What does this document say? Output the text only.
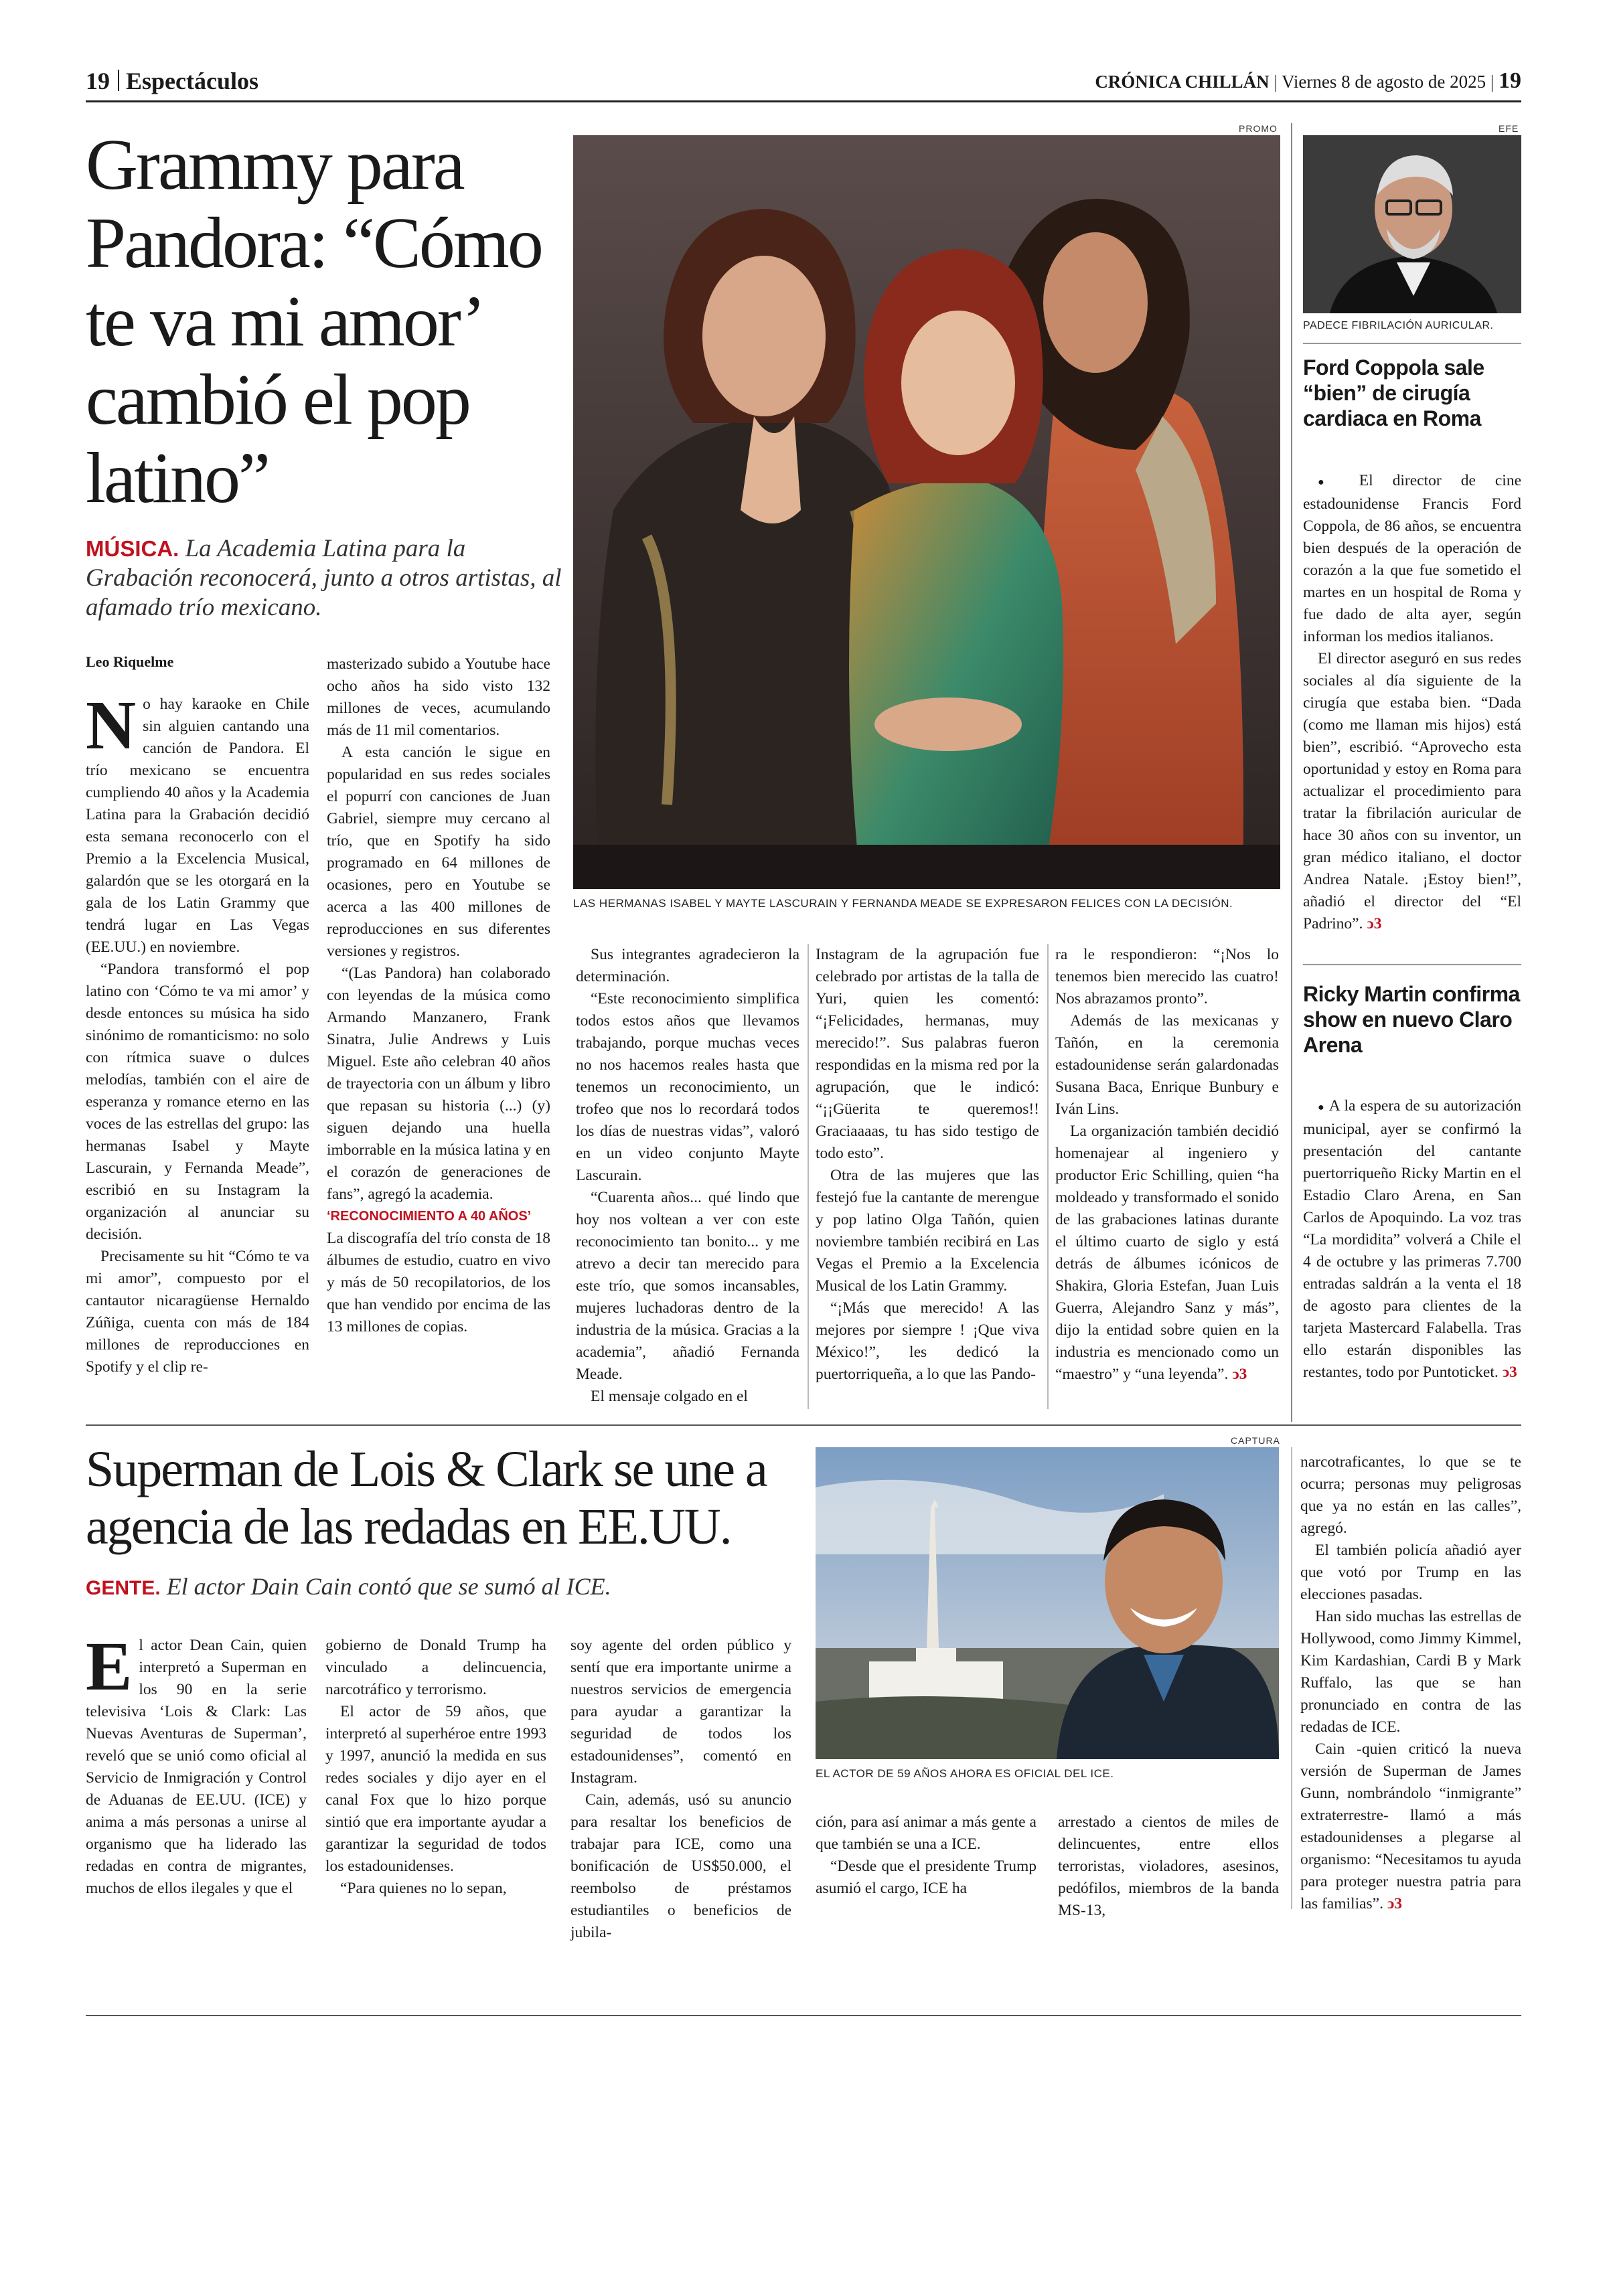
19 Espectáculos	CRÓNICA CHILLÁN | Viernes 8 de agosto de 2025 | 19
Grammy para Pandora: “Cómo te va mi amor’ cambió el pop latino”
MÚSICA. La Academia Latina para la Grabación reconocerá, junto a otros artistas, al afamado trío mexicano.
Leo Riquelme
PROMO
LAS HERMANAS ISABEL Y MAYTE LASCURAIN Y FERNANDA MEADE SE EXPRESARON FELICES CON LA DECISIÓN.

No hay karaoke en Chile sin alguien cantando una canción de Pandora. El trío mexicano se encuentra cumpliendo 40 años y la Academia Latina para la Grabación decidió esta semana reconocerlo con el Premio a la Excelencia Musical, galardón que se les otorgará en la gala de los Latin Grammy que tendrá lugar en Las Vegas (EE.UU.) en noviembre.

“Pandora transformó el pop latino con ‘Cómo te va mi amor’ y desde entonces su música ha sido sinónimo de romanticismo: no solo con rítmica suave o dulces melodías, también con el aire de esperanza y romance eterno en las voces de las estrellas del grupo: las hermanas Isabel y Mayte Lascurain, y Fernanda Meade”, escribió en su Instagram la organización al anunciar su decisión.

Precisamente su hit “Cómo te va mi amor”, compuesto por el cantautor nicaragüense Hernaldo Zúñiga, cuenta con más de 184 millones de reproducciones en Spotify y el clip re-

masterizado subido a Youtube hace ocho años ha sido visto 132 millones de veces, acumulando más de 11 mil comentarios.

A esta canción le sigue en popularidad en sus redes sociales el popurrí con canciones de Juan Gabriel, siempre muy cercano al trío, que en Spotify ha sido programado en 64 millones de ocasiones, pero en Youtube se acerca a las 400 millones de reproducciones en sus diferentes versiones y registros.

“(Las Pandora) han colaborado con leyendas de la música como Armando Manzanero, Frank Sinatra, Julie Andrews y Luis Miguel. Este año celebran 40 años de trayectoria con un álbum y libro que repasan su historia (...) (y) siguen dejando una huella imborrable en la música latina y en el corazón de generaciones de fans”, agregó la academia.

‘RECONOCIMIENTO A 40 AÑOS’

La discografía del trío consta de 18 álbumes de estudio, cuatro en vivo y más de 50 recopilatorios, de los que han vendido por encima de las 13 millones de copias.

Sus integrantes agradecieron la determinación.

“Este reconocimiento simplifica todos estos años que llevamos trabajando, porque muchas veces no nos hacemos reales hasta que tenemos un reconocimiento, un trofeo que nos lo recordará todos los días de nuestras vidas”, valoró en un video conjunto Mayte Lascurain.

“Cuarenta años... qué lindo que hoy nos voltean a ver con este reconocimiento tan bonito... y me atrevo a decir tan merecido para este trío, que somos incansables, mujeres luchadoras dentro de la industria de la música. Gracias a la academia”, añadió Fernanda Meade.

El mensaje colgado en el

Instagram de la agrupación fue celebrado por artistas de la talla de Yuri, quien les comentó: “¡Felicidades, hermanas, muy merecido!”. Sus palabras fueron respondidas en la misma red por la agrupación, que le indicó: “¡¡Güerita te queremos!! Graciaaaas, tu has sido testigo de todo esto”.

Otra de las mujeres que las festejó fue la cantante de merengue y pop latino Olga Tañón, quien noviembre también recibirá en Las Vegas el Premio a la Excelencia Musical de los Latin Grammy.

“¡Más que merecido! A las mejores por siempre ! ¡Que viva México!”, les dedicó la puertorriqueña, a lo que las Pando-

ra le respondieron: “¡Nos lo tenemos bien merecido las cuatro! Nos abrazamos pronto”.

Además de las mexicanas y Tañón, en la ceremonia estadounidense serán galardonadas Susana Baca, Enrique Bunbury e Iván Lins.

La organización también decidió homenajear al ingeniero y productor Eric Schilling, quien “ha moldeado y transformado el sonido de las grabaciones latinas durante el último cuarto de siglo y está detrás de álbumes icónicos de Shakira, Gloria Estefan, Juan Luis Guerra, Alejandro Sanz y más”, dijo la entidad sobre quien en la industria es mencionado como un “maestro” y “una leyenda”. ↄ3

EFE
PADECE FIBRILACIÓN AURICULAR.
Ford Coppola sale “bien” de cirugía cardiaca en Roma

● El director de cine estadounidense Francis Ford Coppola, de 86 años, se encuentra bien después de la operación de corazón a la que fue sometido el martes en un hospital de Roma y fue dado de alta ayer, según informan los medios italianos.

El director aseguró en sus redes sociales al día siguiente de la cirugía que estaba bien. “Dada (como me llaman mis hijos) está bien”, escribió. “Aprovecho esta oportunidad y estoy en Roma para actualizar el procedimiento para tratar la fibrilación auricular de hace 30 años con su inventor, un gran médico italiano, el doctor Andrea Natale. ¡Estoy bien!”, añadió el director del “El Padrino”. ↄ3

Ricky Martin confirma show en nuevo Claro Arena

● A la espera de su autorización municipal, ayer se confirmó la presentación del cantante puertorriqueño Ricky Martin en el Estadio Claro Arena, en San Carlos de Apoquindo. La voz tras “La mordidita” volverá a Chile el 4 de octubre y las primeras 7.700 entradas saldrán a la venta el 18 de agosto para clientes de la tarjeta Mastercard Falabella. Tras ello estarán disponibles las restantes, todo por Puntoticket. ↄ3

Superman de Lois & Clark se une a agencia de las redadas en EE.UU.
GENTE. El actor Dain Cain contó que se sumó al ICE.
CAPTURA
EL ACTOR DE 59 AÑOS AHORA ES OFICIAL DEL ICE.

El actor Dean Cain, quien interpretó a Superman en los 90 en la serie televisiva ‘Lois & Clark: Las Nuevas Aventuras de Superman’, reveló que se unió como oficial al Servicio de Inmigración y Control de Aduanas de EE.UU. (ICE) y anima a más personas a unirse al organismo que ha liderado las redadas en contra de migrantes, muchos de ellos ilegales y que el

gobierno de Donald Trump ha vinculado a delincuencia, narcotráfico y terrorismo.

El actor de 59 años, que interpretó al superhéroe entre 1993 y 1997, anunció la medida en sus redes sociales y dijo ayer en el canal Fox que lo hizo porque sintió que era importante ayudar a garantizar la seguridad de todos los estadounidenses.

“Para quienes no lo sepan,

soy agente del orden público y sentí que era importante unirme a nuestros servicios de emergencia para ayudar a garantizar la seguridad de todos los estadounidenses”, comentó en Instagram.

Cain, además, usó su anuncio para resaltar los beneficios de trabajar para ICE, como una bonificación de US$50.000, el reembolso de préstamos estudiantiles o beneficios de jubila-

ción, para así animar a más gente a que también se una a ICE.

“Desde que el presidente Trump asumió el cargo, ICE ha

arrestado a cientos de miles de delincuentes, entre ellos terroristas, violadores, asesinos, pedófilos, miembros de la banda MS-13,

narcotraficantes, lo que se te ocurra; personas muy peligrosas que ya no están en las calles”, agregó.

El también policía añadió ayer que votó por Trump en las elecciones pasadas.

Han sido muchas las estrellas de Hollywood, como Jimmy Kimmel, Kim Kardashian, Cardi B y Mark Ruffalo, las que se han pronunciado en contra de las redadas de ICE.

Cain -quien criticó la nueva versión de Superman de James Gunn, nombrándolo “inmigrante” extraterrestre- llamó a más estadounidenses a plegarse al organismo: “Necesitamos tu ayuda para proteger nuestra patria para las familias”. ↄ3
